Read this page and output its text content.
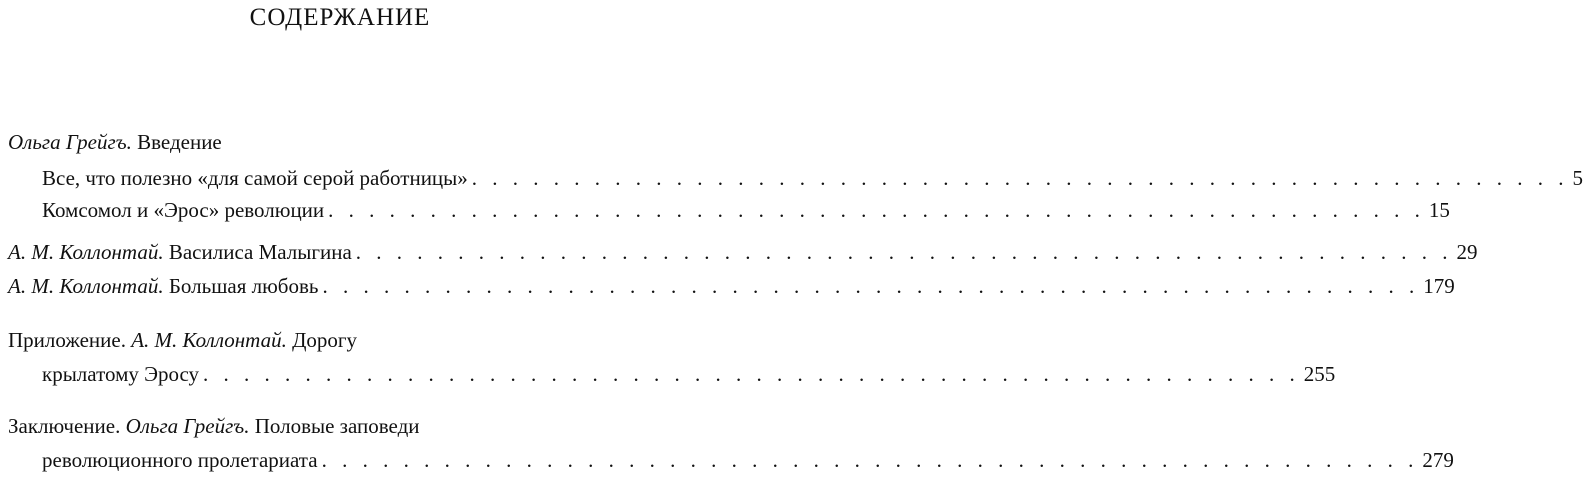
СОДЕРЖАНИЕ
Ольга Грейгъ. Введение
Все, что полезно «для самой серой работницы» . . . . . . . . . . . . . . . . . . . . . . . . . . . . . . . . . . . . . . . . . . . . . . . . . . . . . . 5
Комсомол и «Эрос» революции . . . . . . . . . . . . . . . . . . . . . . . . . . . . . . . . . . . . . . . . . . . . . . . . . . . . . . 15
А. М. Коллонтай. Василиса Малыгина . . . . . . . . . . . . . . . . . . . . . . . . . . . . . . . . . . . . . . . . . . . . . . . . . . . . . . 29
А. М. Коллонтай. Большая любовь . . . . . . . . . . . . . . . . . . . . . . . . . . . . . . . . . . . . . . . . . . . . . . . . . . . . . . 179
Приложение. А. М. Коллонтай. Дорогу
крылатому Эросу . . . . . . . . . . . . . . . . . . . . . . . . . . . . . . . . . . . . . . . . . . . . . . . . . . . . . . 255
Заключение. Ольга Грейгъ. Половые заповеди
революционного пролетариата . . . . . . . . . . . . . . . . . . . . . . . . . . . . . . . . . . . . . . . . . . . . . . . . . . . . . . 279
